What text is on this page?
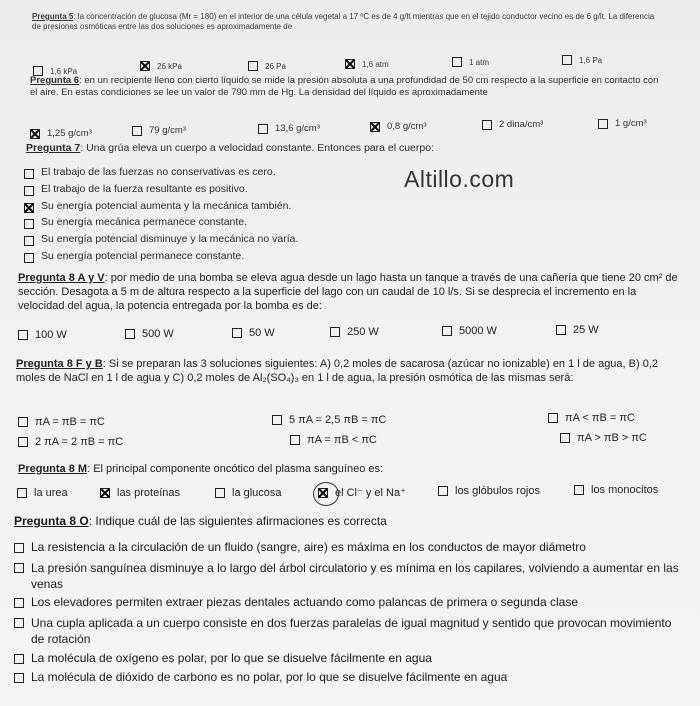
Altillo.com
Pregunta 5: la concentración de glucosa (Mr = 180) en el interior de una célula vegetal a 17 ºC es de 4 g/lt mientras que en el tejido conductor vecino es de 6 g/lt. La diferencia de presiones osmóticas entre las dos soluciones es aproximadamente de
1,6 kPa
26 kPa	26 Pa	1,6 atm	1 atm	1,6 Pa
Pregunta 6: en un recipiente lleno con cierto líquido se mide la presión absoluta a una profundidad de 50 cm respecto a la superficie en contacto con el aire. En estas condiciones se lee un valor de 790 mm de Hg. La densidad del líquido es aproximadamente
1,25 g/cm³	79 g/cm³	13,6 g/cm³	0,8 g/cm³	2 dina/cm³	1 g/cm³
Pregunta 7: Una grúa eleva un cuerpo a velocidad constante. Entonces para el cuerpo:
El trabajo de las fuerzas no conservativas es cero.
El trabajo de la fuerza resultante es positivo.
Su energía potencial aumenta y la mecánica también.
Su energía mecánica permanece constante.
Su energía potencial disminuye y la mecánica no varía.
Su energía potencial permanece constante.
Pregunta 8 A y V: por medio de una bomba se eleva agua desde un lago hasta un tanque a través de una cañería que tiene 20 cm² de sección. Desagota a 5 m de altura respecto a la superficie del lago con un caudal de 10 l/s. Si se desprecia el incremento en la velocidad del agua, la potencia entregada por la bomba es de:
100 W	500 W	50 W	250 W	5000 W	25 W
Pregunta 8 F y B: Si se preparan las 3 soluciones siguientes: A) 0,2 moles de sacarosa (azúcar no ionizable) en 1 l de agua, B) 0,2 moles de NaCl en 1 l de agua y C) 0,2 moles de Al₂(SO₄)₃ en 1 l de agua, la presión osmótica de las mismas será:
πA = πB = πC	5 πA = 2,5 πB = πC	πA < πB = πC
2 πA = 2 πB = πC	πA = πB < πC	πA > πB > πC
Pregunta 8 M: El principal componente oncótico del plasma sanguíneo es:
la urea	las proteínas	la glucosa	el Cl⁻ y el Na⁺	los glóbulos rojos	los monocitos
Pregunta 8 O: Indique cuál de las siguientes afirmaciones es correcta
La resistencia a la circulación de un fluido (sangre, aire) es máxima en los conductos de mayor diámetro
La presión sanguínea disminuye a lo largo del árbol circulatorio y es mínima en los capilares, volviendo a aumentar en las venas
Los elevadores permiten extraer piezas dentales actuando como palancas de primera o segunda clase
Una cupla aplicada a un cuerpo consiste en dos fuerzas paralelas de igual magnitud y sentido que provocan movimiento de rotación
La molécula de oxígeno es polar, por lo que se disuelve fácilmente en agua
La molécula de dióxido de carbono es no polar, por lo que se disuelve fácilmente en agua
